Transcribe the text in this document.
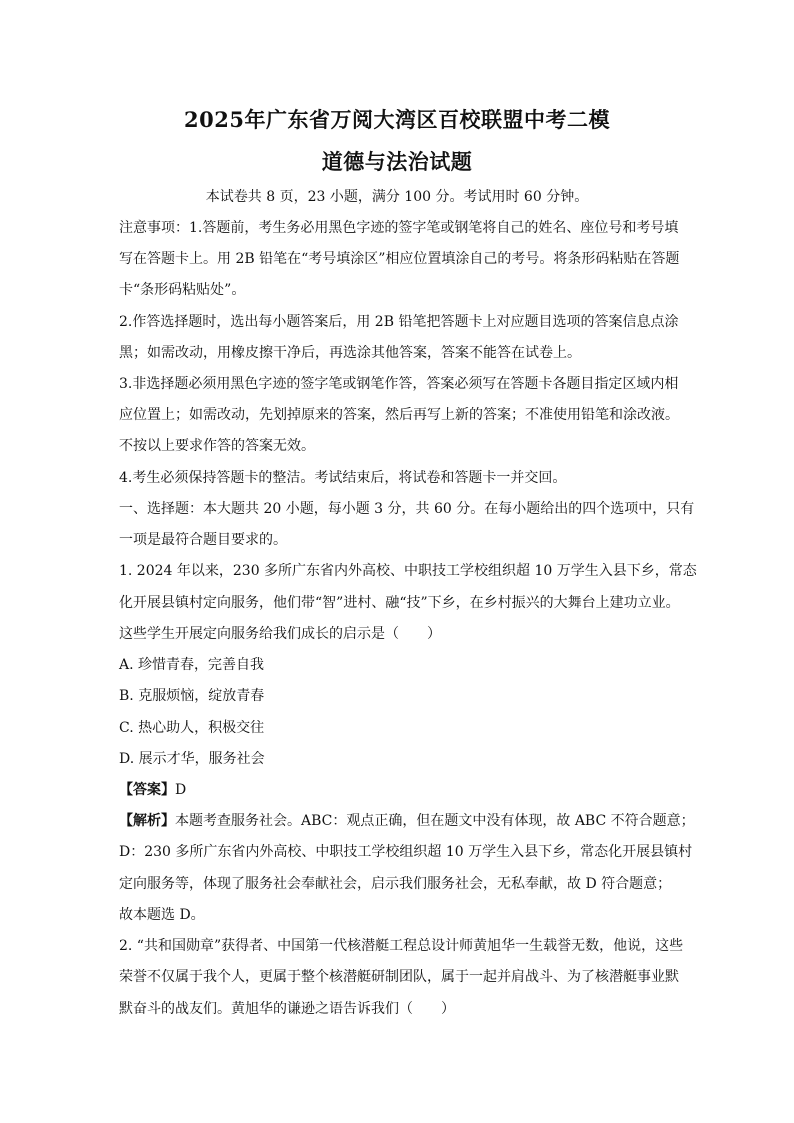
2025年广东省万阅大湾区百校联盟中考二模
道德与法治试题
本试卷共 8 页，23 小题，满分 100 分。考试用时 60 分钟。
注意事项：1.答题前，考生务必用黑色字迹的签字笔或钢笔将自己的姓名、座位号和考号填
写在答题卡上。用 2B 铅笔在“考号填涂区”相应位置填涂自己的考号。将条形码粘贴在答题
卡“条形码粘贴处”。
2.作答选择题时，选出每小题答案后，用 2B 铅笔把答题卡上对应题目选项的答案信息点涂
黑；如需改动，用橡皮擦干净后，再选涂其他答案，答案不能答在试卷上。
3.非选择题必须用黑色字迹的签字笔或钢笔作答，答案必须写在答题卡各题目指定区域内相
应位置上；如需改动，先划掉原来的答案，然后再写上新的答案；不准使用铅笔和涂改液。
不按以上要求作答的答案无效。
4.考生必须保持答题卡的整洁。考试结束后，将试卷和答题卡一并交回。
一、选择题：本大题共 20 小题，每小题 3 分，共 60 分。在每小题给出的四个选项中，只有
一项是最符合题目要求的。
1. 2024 年以来，230 多所广东省内外高校、中职技工学校组织超 10 万学生入县下乡，常态
化开展县镇村定向服务，他们带“智”进村、融“技”下乡，在乡村振兴的大舞台上建功立业。
这些学生开展定向服务给我们成长的启示是（　　）
A. 珍惜青春，完善自我
B. 克服烦恼，绽放青春
C. 热心助人，积极交往
D. 展示才华，服务社会
【答案】D
【解析】本题考查服务社会。ABC：观点正确，但在题文中没有体现，故 ABC 不符合题意；
D：230 多所广东省内外高校、中职技工学校组织超 10 万学生入县下乡，常态化开展县镇村
定向服务等，体现了服务社会奉献社会，启示我们服务社会，无私奉献，故 D 符合题意；
故本题选 D。
2. “共和国勋章”获得者、中国第一代核潜艇工程总设计师黄旭华一生载誉无数，他说，这些
荣誉不仅属于我个人，更属于整个核潜艇研制团队，属于一起并肩战斗、为了核潜艇事业默
默奋斗的战友们。黄旭华的谦逊之语告诉我们（　　）
